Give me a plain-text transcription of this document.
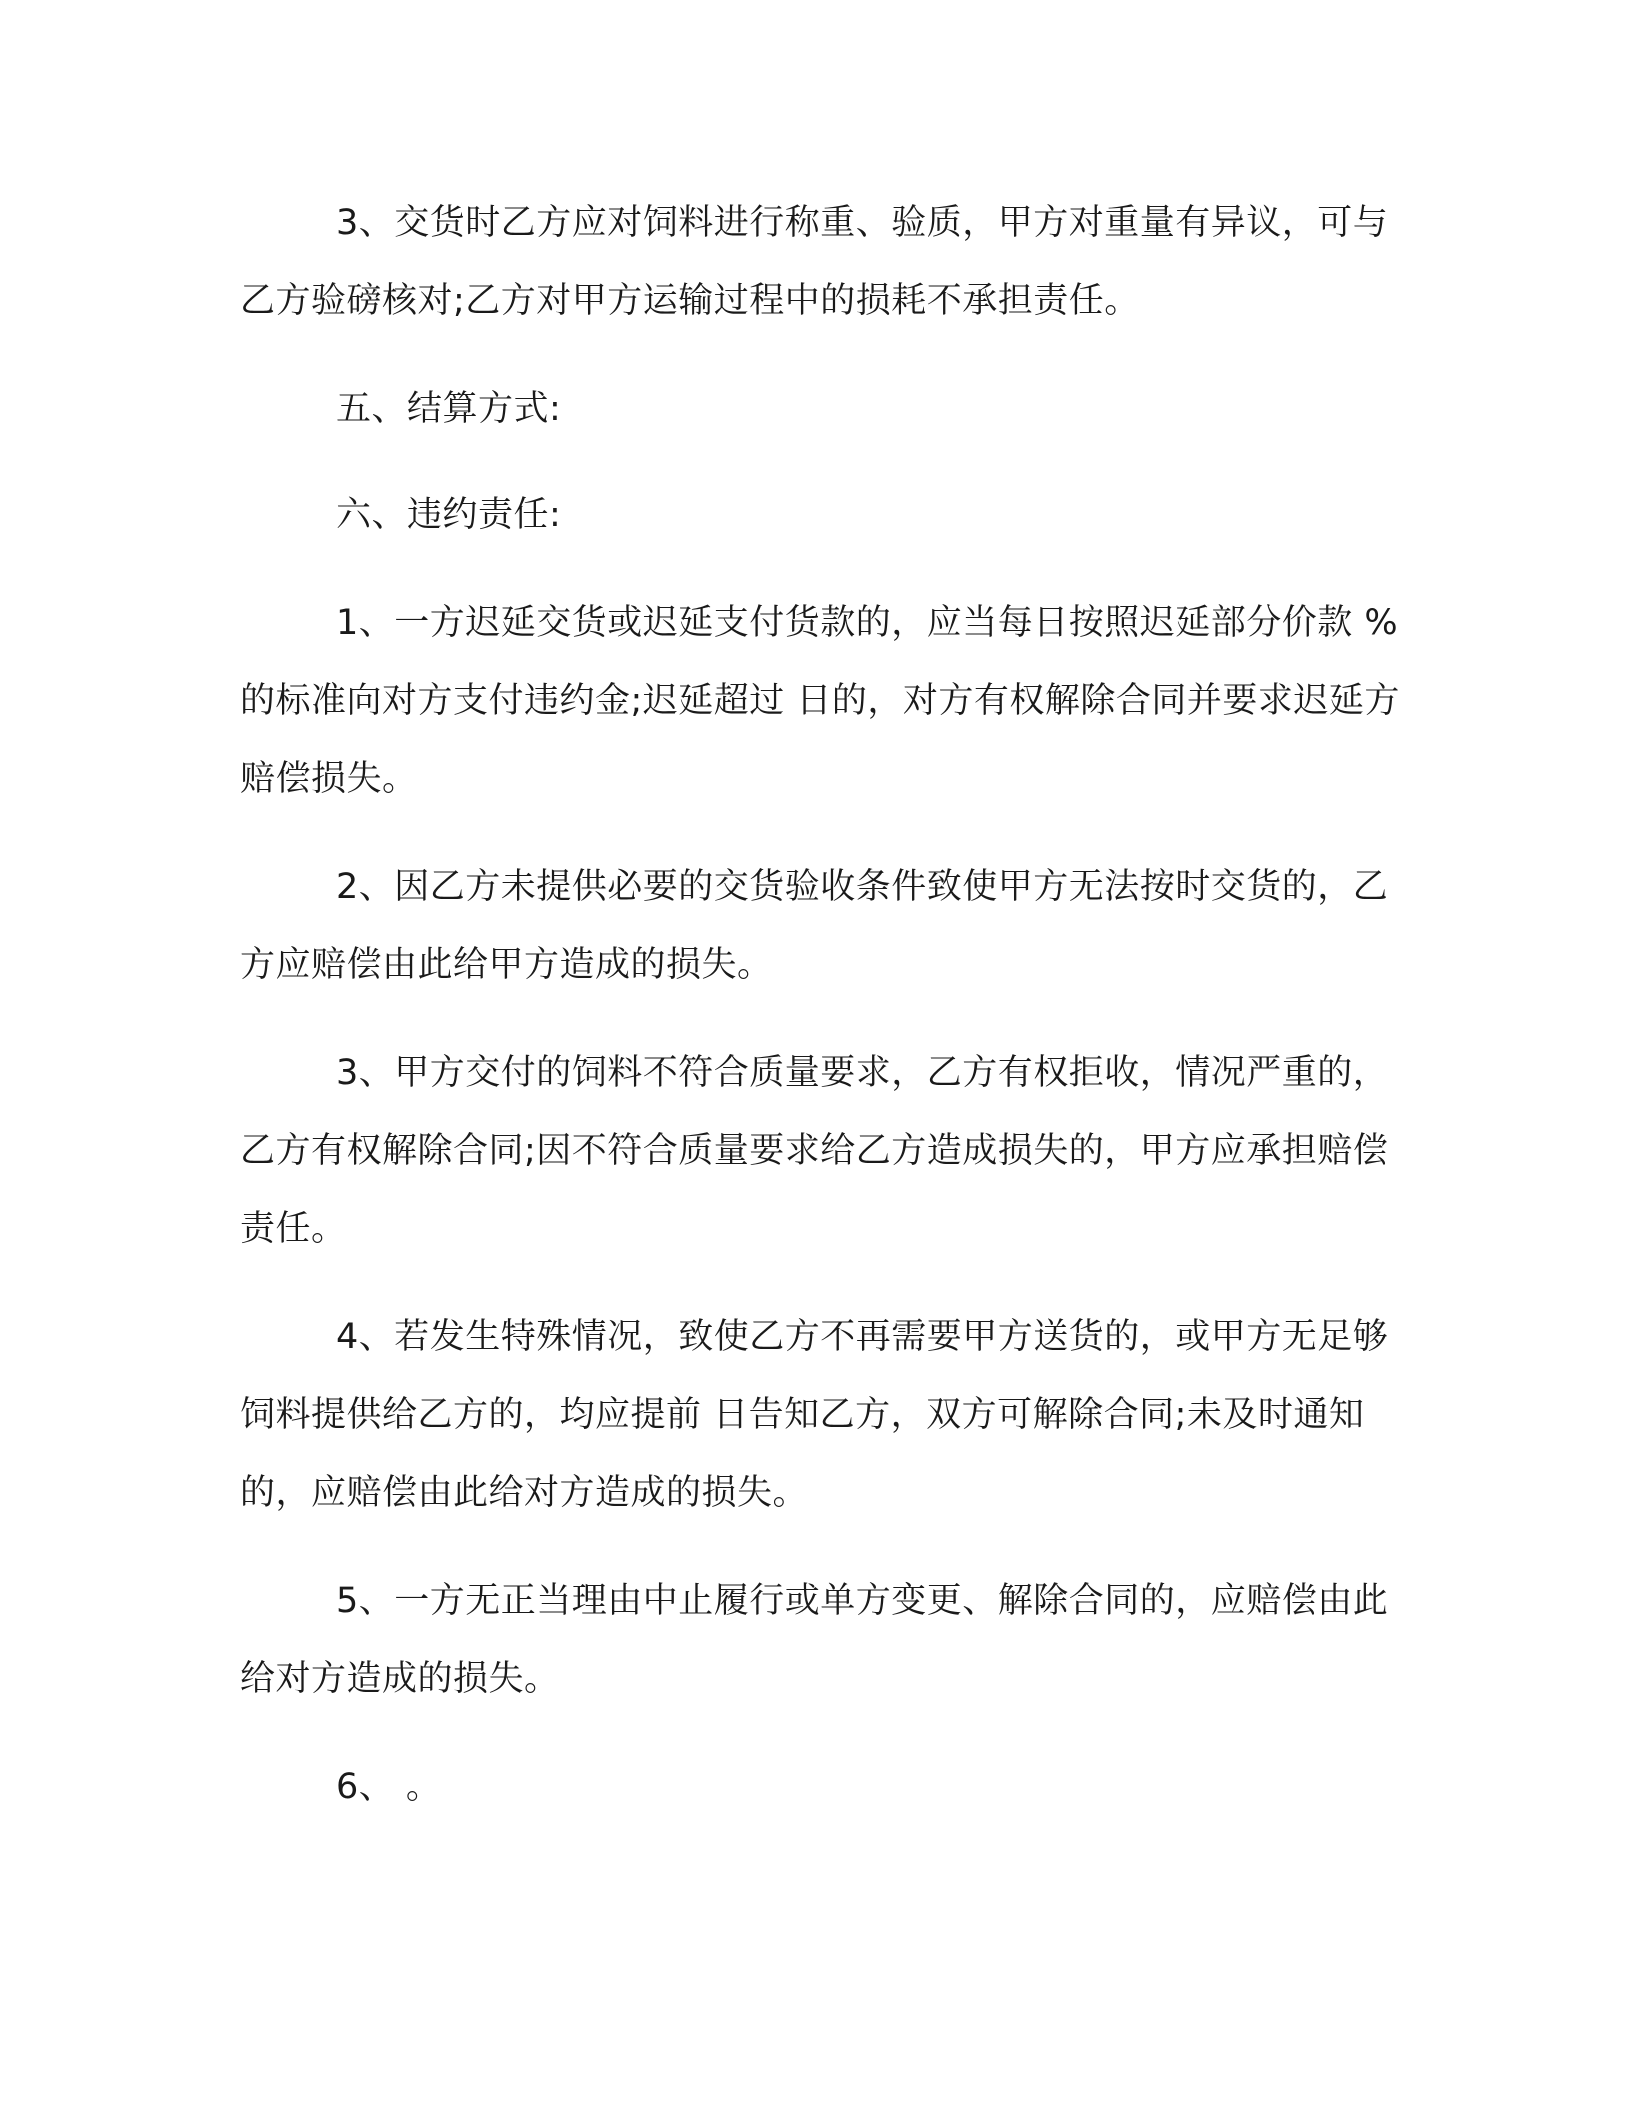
3、交货时乙方应对饲料进行称重、验质，甲方对重量有异议，可与乙方验磅核对;乙方对甲方运输过程中的损耗不承担责任。

五、结算方式:

六、违约责任:

1、一方迟延交货或迟延支付货款的，应当每日按照迟延部分价款 % 的标准向对方支付违约金;迟延超过 日的，对方有权解除合同并要求迟延方赔偿损失。

2、因乙方未提供必要的交货验收条件致使甲方无法按时交货的，乙方应赔偿由此给甲方造成的损失。

3、甲方交付的饲料不符合质量要求，乙方有权拒收，情况严重的，乙方有权解除合同;因不符合质量要求给乙方造成损失的，甲方应承担赔偿责任。

4、若发生特殊情况，致使乙方不再需要甲方送货的，或甲方无足够饲料提供给乙方的，均应提前 日告知乙方，双方可解除合同;未及时通知的，应赔偿由此给对方造成的损失。

5、一方无正当理由中止履行或单方变更、解除合同的，应赔偿由此给对方造成的损失。

6、 。
